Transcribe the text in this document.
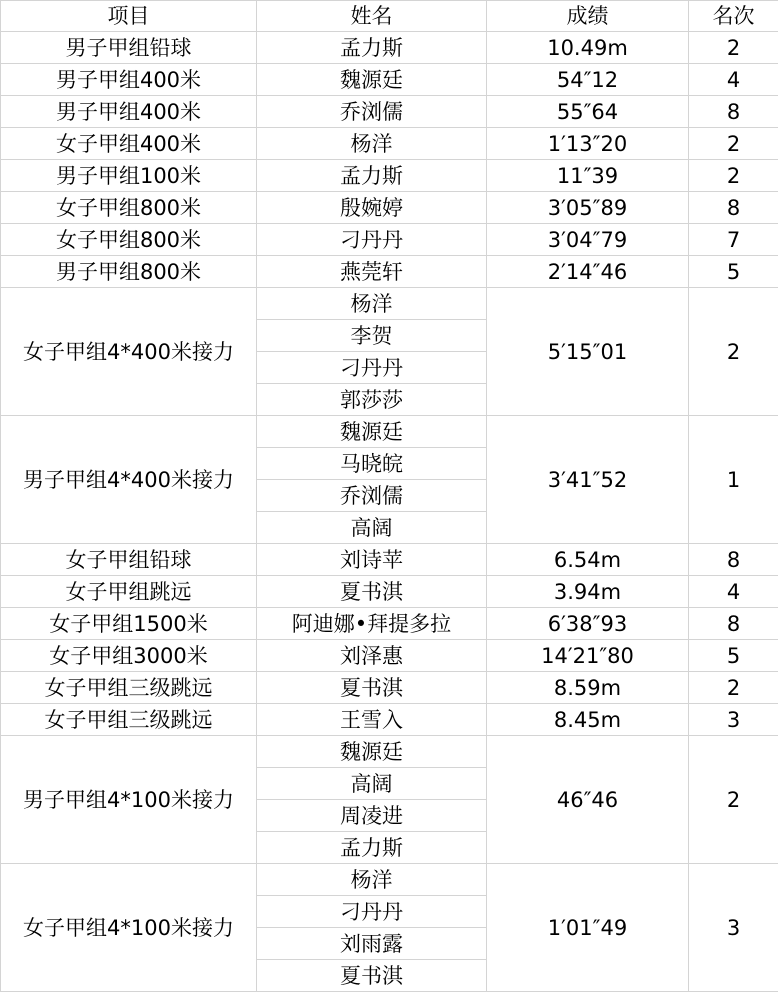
项目	姓名	成绩	名次
男子甲组铅球	孟力斯	10.49m	2
男子甲组400米	魏源廷	54″12	4
男子甲组400米	乔浏儒	55″64	8
女子甲组400米	杨洋	1′13″20	2
男子甲组100米	孟力斯	11″39	2
女子甲组800米	殷婉婷	3′05″89	8
女子甲组800米	刁丹丹	3′04″79	7
男子甲组800米	燕莞轩	2′14″46	5
女子甲组4*400米接力	杨洋	5′15″01	2
	李贺		
	刁丹丹		
	郭莎莎		
男子甲组4*400米接力	魏源廷	3′41″52	1
	马晓皖		
	乔浏儒		
	高阔		
女子甲组铅球	刘诗苹	6.54m	8
女子甲组跳远	夏书淇	3.94m	4
女子甲组1500米	阿迪娜•拜提多拉	6′38″93	8
女子甲组3000米	刘泽惠	14′21″80	5
女子甲组三级跳远	夏书淇	8.59m	2
女子甲组三级跳远	王雪入	8.45m	3
男子甲组4*100米接力	魏源廷	46″46	2
	高阔		
	周凌进		
	孟力斯		
女子甲组4*100米接力	杨洋	1′01″49	3
	刁丹丹		
	刘雨露		
	夏书淇		
